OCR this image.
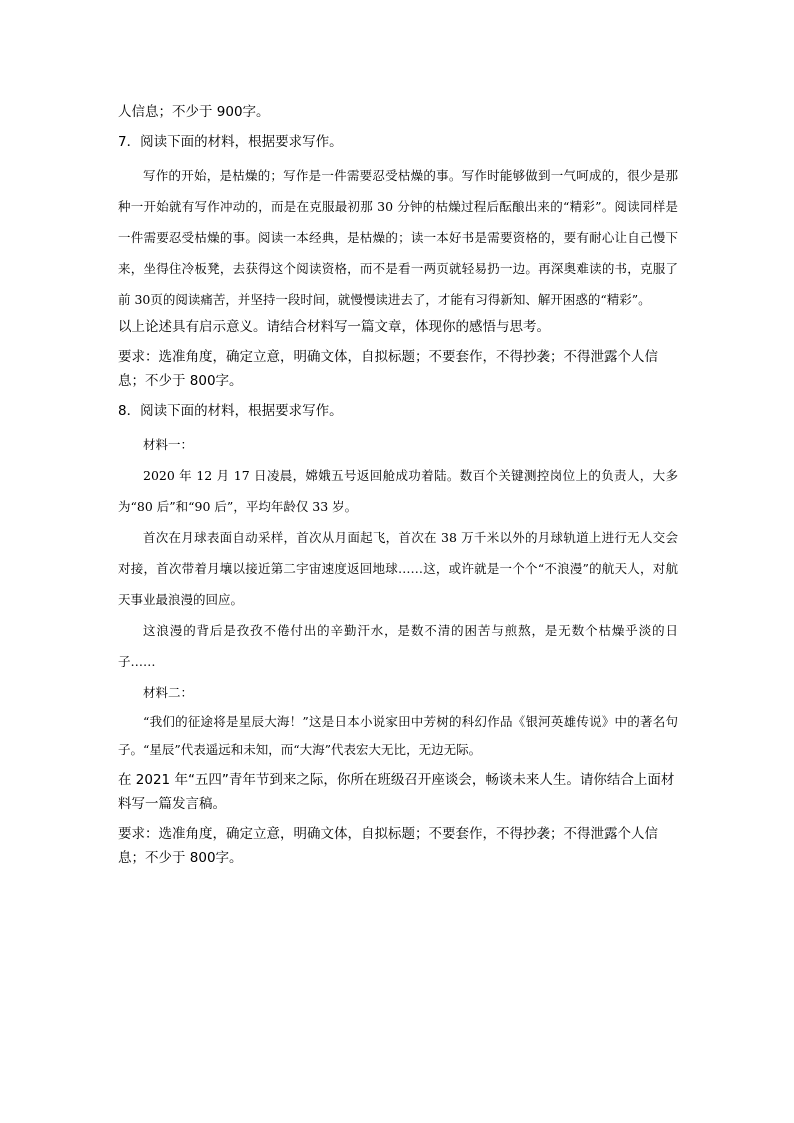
人信息；不少于 900字。

7．阅读下面的材料，根据要求写作。

写作的开始，是枯燥的；写作是一件需要忍受枯燥的事。写作时能够做到一气呵成的，很少是那种一开始就有写作冲动的，而是在克服最初那 30 分钟的枯燥过程后酝酿出来的“精彩”。阅读同样是一件需要忍受枯燥的事。阅读一本经典，是枯燥的；读一本好书是需要资格的，要有耐心让自己慢下来，坐得住冷板凳，去获得这个阅读资格，而不是看一两页就轻易扔一边。再深奥难读的书，克服了前 30页的阅读痛苦，并坚持一段时间，就慢慢读进去了，才能有习得新知、解开困惑的“精彩”。

以上论述具有启示意义。请结合材料写一篇文章，体现你的感悟与思考。

要求：选准角度，确定立意，明确文体，自拟标题；不要套作，不得抄袭；不得泄露个人信息；不少于 800字。

8．阅读下面的材料，根据要求写作。

材料一：

2020 年 12 月 17 日凌晨，嫦娥五号返回舱成功着陆。数百个关键测控岗位上的负责人，大多为“80 后”和“90 后”，平均年龄仅 33 岁。

首次在月球表面自动采样，首次从月面起飞，首次在 38 万千米以外的月球轨道上进行无人交会对接，首次带着月壤以接近第二宇宙速度返回地球……这，或许就是一个个“不浪漫”的航天人，对航天事业最浪漫的回应。

这浪漫的背后是孜孜不倦付出的辛勤汗水，是数不清的困苦与煎熬，是无数个枯燥乎淡的日子……

材料二：

“我们的征途将是星辰大海！”这是日本小说家田中芳树的科幻作品《银河英雄传说》中的著名句子。“星辰”代表遥远和未知，而“大海”代表宏大无比，无边无际。

在 2021 年“五四”青年节到来之际，你所在班级召开座谈会，畅谈未来人生。请你结合上面材料写一篇发言稿。

要求：选准角度，确定立意，明确文体，自拟标题；不要套作，不得抄袭；不得泄露个人信息；不少于 800字。
